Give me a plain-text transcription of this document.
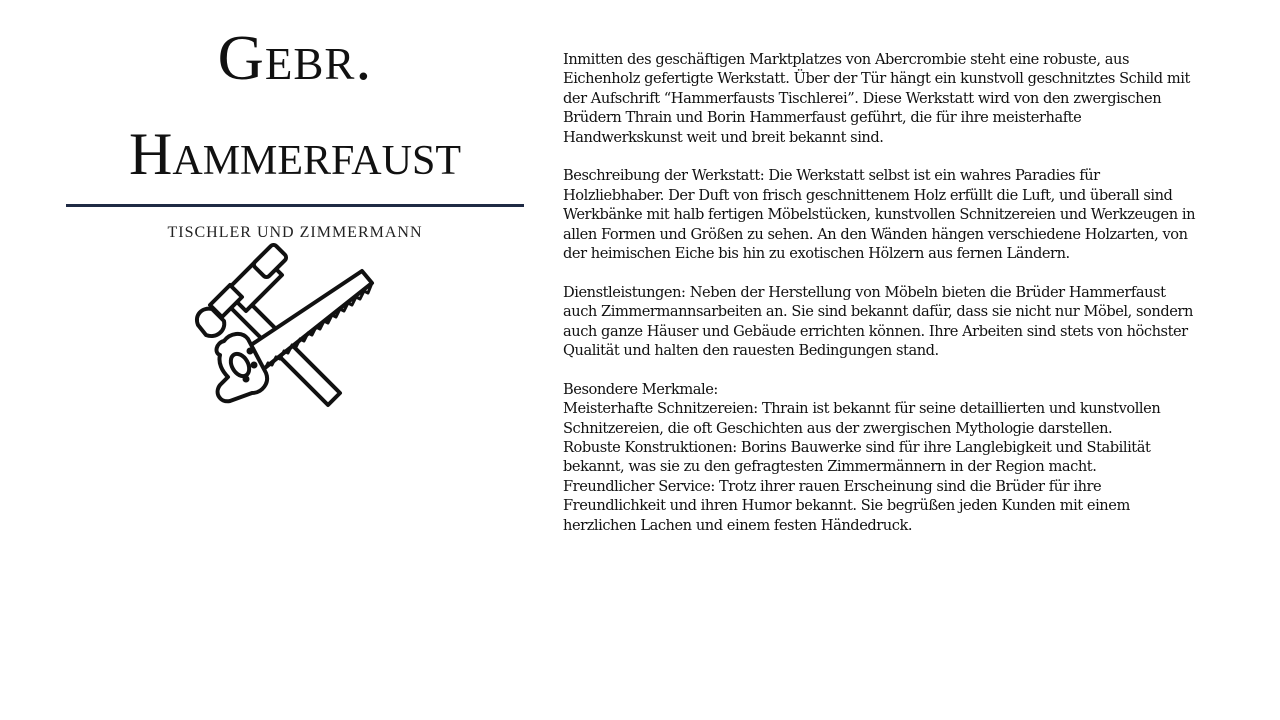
Gebr.
Hammerfaust
TISCHLER UND ZIMMERMANN

Inmitten des geschäftigen Marktplatzes von Abercrombie steht eine robuste, aus Eichenholz gefertigte Werkstatt. Über der Tür hängt ein kunstvoll geschnitztes Schild mit der Aufschrift “Hammerfausts Tischlerei”. Diese Werkstatt wird von den zwergischen Brüdern Thrain und Borin Hammerfaust geführt, die für ihre meisterhafte Handwerkskunst weit und breit bekannt sind.

Beschreibung der Werkstatt: Die Werkstatt selbst ist ein wahres Paradies für Holzliebhaber. Der Duft von frisch geschnittenem Holz erfüllt die Luft, und überall sind Werkbänke mit halb fertigen Möbelstücken, kunstvollen Schnitzereien und Werkzeugen in allen Formen und Größen zu sehen. An den Wänden hängen verschiedene Holzarten, von der heimischen Eiche bis hin zu exotischen Hölzern aus fernen Ländern.

Dienstleistungen: Neben der Herstellung von Möbeln bieten die Brüder Hammerfaust auch Zimmermannsarbeiten an. Sie sind bekannt dafür, dass sie nicht nur Möbel, sondern auch ganze Häuser und Gebäude errichten können. Ihre Arbeiten sind stets von höchster Qualität und halten den rauesten Bedingungen stand.

Besondere Merkmale:
Meisterhafte Schnitzereien: Thrain ist bekannt für seine detaillierten und kunstvollen Schnitzereien, die oft Geschichten aus der zwergischen Mythologie darstellen.
Robuste Konstruktionen: Borins Bauwerke sind für ihre Langlebigkeit und Stabilität bekannt, was sie zu den gefragtesten Zimmermännern in der Region macht.
Freundlicher Service: Trotz ihrer rauen Erscheinung sind die Brüder für ihre Freundlichkeit und ihren Humor bekannt. Sie begrüßen jeden Kunden mit einem herzlichen Lachen und einem festen Händedruck.
